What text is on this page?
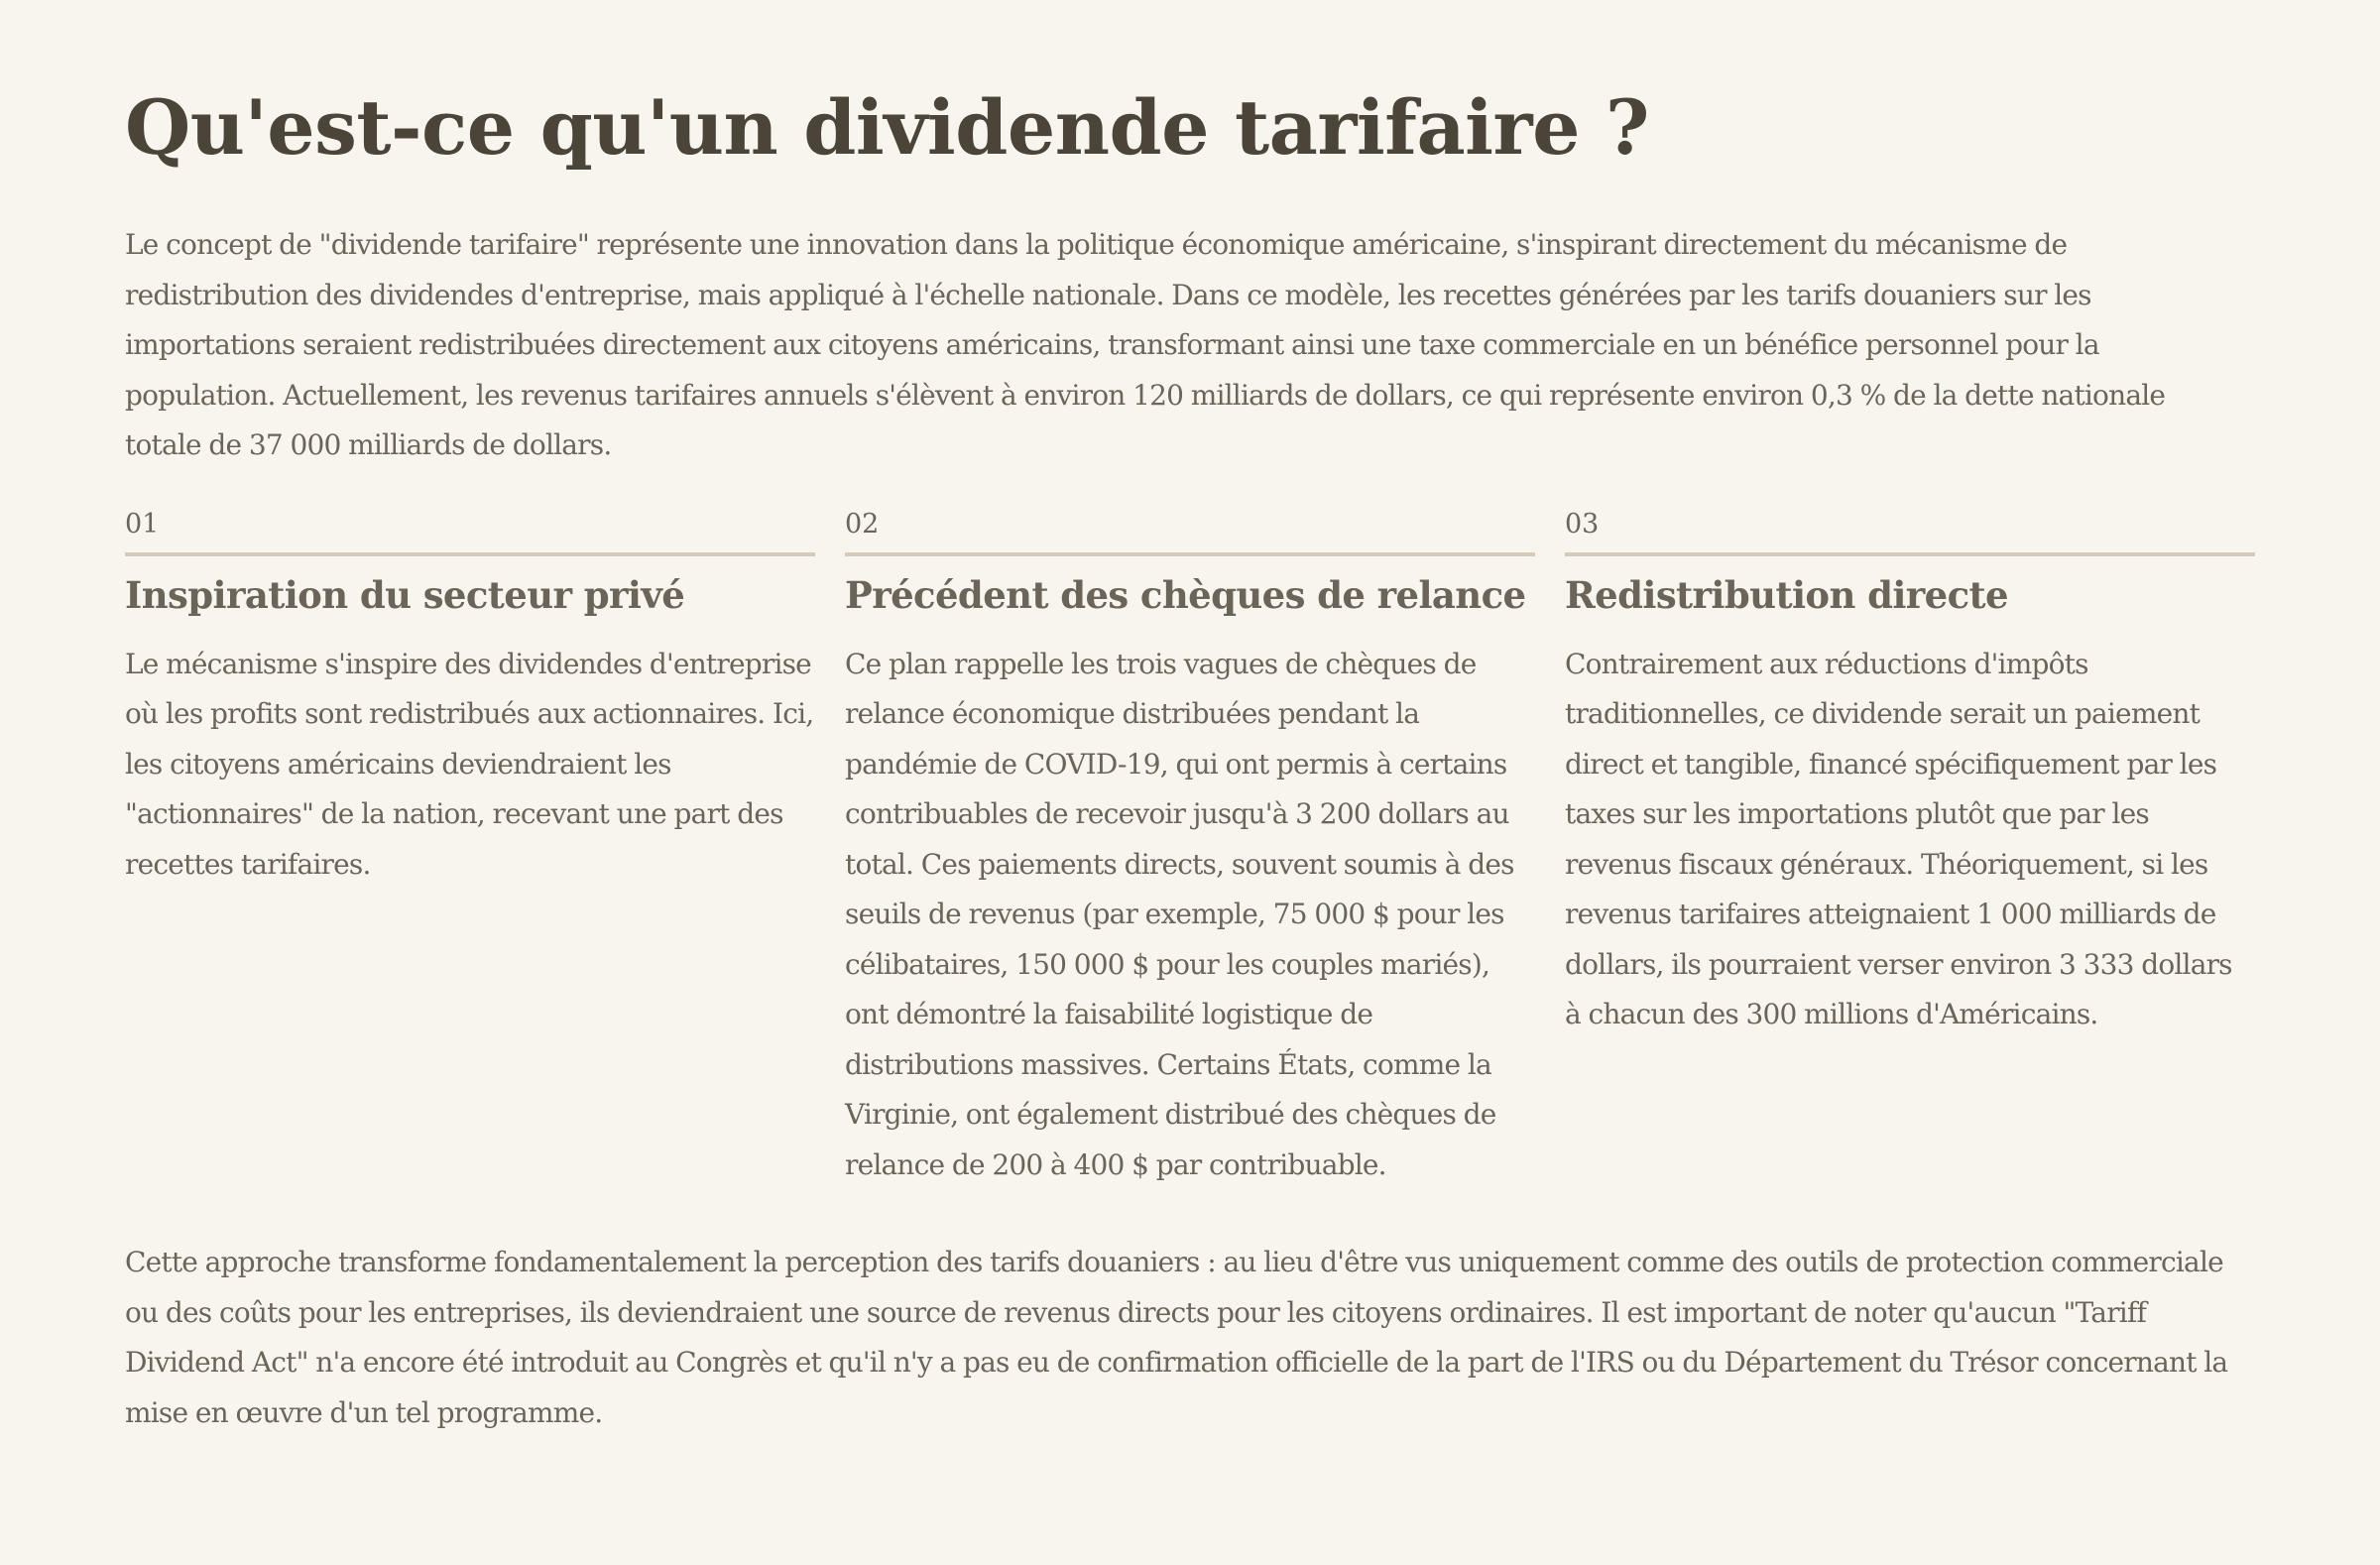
Qu'est-ce qu'un dividende tarifaire ?

Le concept de "dividende tarifaire" représente une innovation dans la politique économique américaine, s'inspirant directement du mécanisme de redistribution des dividendes d'entreprise, mais appliqué à l'échelle nationale. Dans ce modèle, les recettes générées par les tarifs douaniers sur les importations seraient redistribuées directement aux citoyens américains, transformant ainsi une taxe commerciale en un bénéfice personnel pour la population. Actuellement, les revenus tarifaires annuels s'élèvent à environ 120 milliards de dollars, ce qui représente environ 0,3 % de la dette nationale totale de 37 000 milliards de dollars.

01
Inspiration du secteur privé

Le mécanisme s'inspire des dividendes d'entreprise où les profits sont redistribués aux actionnaires. Ici, les citoyens américains deviendraient les "actionnaires" de la nation, recevant une part des recettes tarifaires.

02
Précédent des chèques de relance

Ce plan rappelle les trois vagues de chèques de relance économique distribuées pendant la pandémie de COVID-19, qui ont permis à certains contribuables de recevoir jusqu'à 3 200 dollars au total. Ces paiements directs, souvent soumis à des seuils de revenus (par exemple, 75 000 $ pour les célibataires, 150 000 $ pour les couples mariés), ont démontré la faisabilité logistique de distributions massives. Certains États, comme la Virginie, ont également distribué des chèques de relance de 200 à 400 $ par contribuable.

03
Redistribution directe

Contrairement aux réductions d'impôts traditionnelles, ce dividende serait un paiement direct et tangible, financé spécifiquement par les taxes sur les importations plutôt que par les revenus fiscaux généraux. Théoriquement, si les revenus tarifaires atteignaient 1 000 milliards de dollars, ils pourraient verser environ 3 333 dollars à chacun des 300 millions d'Américains.

Cette approche transforme fondamentalement la perception des tarifs douaniers : au lieu d'être vus uniquement comme des outils de protection commerciale ou des coûts pour les entreprises, ils deviendraient une source de revenus directs pour les citoyens ordinaires. Il est important de noter qu'aucun "Tariff Dividend Act" n'a encore été introduit au Congrès et qu'il n'y a pas eu de confirmation officielle de la part de l'IRS ou du Département du Trésor concernant la mise en œuvre d'un tel programme.
